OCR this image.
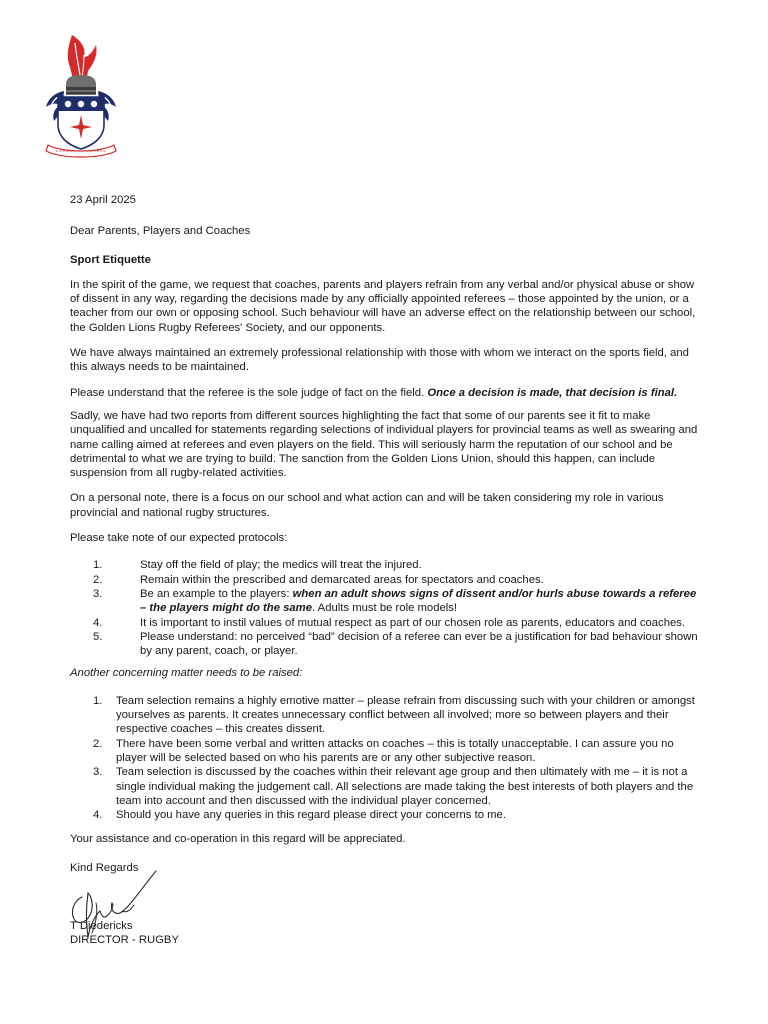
23 April 2025

Dear Parents, Players and Coaches

Sport Etiquette

In the spirit of the game, we request that coaches, parents and players refrain from any verbal and/or physical abuse or show of dissent in any way, regarding the decisions made by any officially appointed referees – those appointed by the union, or a teacher from our own or opposing school. Such behaviour will have an adverse effect on the relationship between our school, the Golden Lions Rugby Referees' Society, and our opponents.

We have always maintained an extremely professional relationship with those with whom we interact on the sports field, and this always needs to be maintained.

Please understand that the referee is the sole judge of fact on the field. Once a decision is made, that decision is final.

Sadly, we have had two reports from different sources highlighting the fact that some of our parents see it fit to make unqualified and uncalled for statements regarding selections of individual players for provincial teams as well as swearing and name calling aimed at referees and even players on the field. This will seriously harm the reputation of our school and be detrimental to what we are trying to build. The sanction from the Golden Lions Union, should this happen, can include suspension from all rugby-related activities.

On a personal note, there is a focus on our school and what action can and will be taken considering my role in various provincial and national rugby structures.

Please take note of our expected protocols:

1.	Stay off the field of play; the medics will treat the injured.
2.	Remain within the prescribed and demarcated areas for spectators and coaches.
3.	Be an example to the players: when an adult shows signs of dissent and/or hurls abuse towards a referee – the players might do the same. Adults must be role models!
4.	It is important to instil values of mutual respect as part of our chosen role as parents, educators and coaches.
5.	Please understand: no perceived “bad” decision of a referee can ever be a justification for bad behaviour shown by any parent, coach, or player.

Another concerning matter needs to be raised:

1. Team selection remains a highly emotive matter – please refrain from discussing such with your children or amongst yourselves as parents. It creates unnecessary conflict between all involved; more so between players and their respective coaches – this creates dissent.
2. There have been some verbal and written attacks on coaches – this is totally unacceptable. I can assure you no player will be selected based on who his parents are or any other subjective reason.
3. Team selection is discussed by the coaches within their relevant age group and then ultimately with me – it is not a single individual making the judgement call. All selections are made taking the best interests of both players and the team into account and then discussed with the individual player concerned.
4. Should you have any queries in this regard please direct your concerns to me.

Your assistance and co-operation in this regard will be appreciated.

Kind Regards

T Diedericks

DIRECTOR - RUGBY
